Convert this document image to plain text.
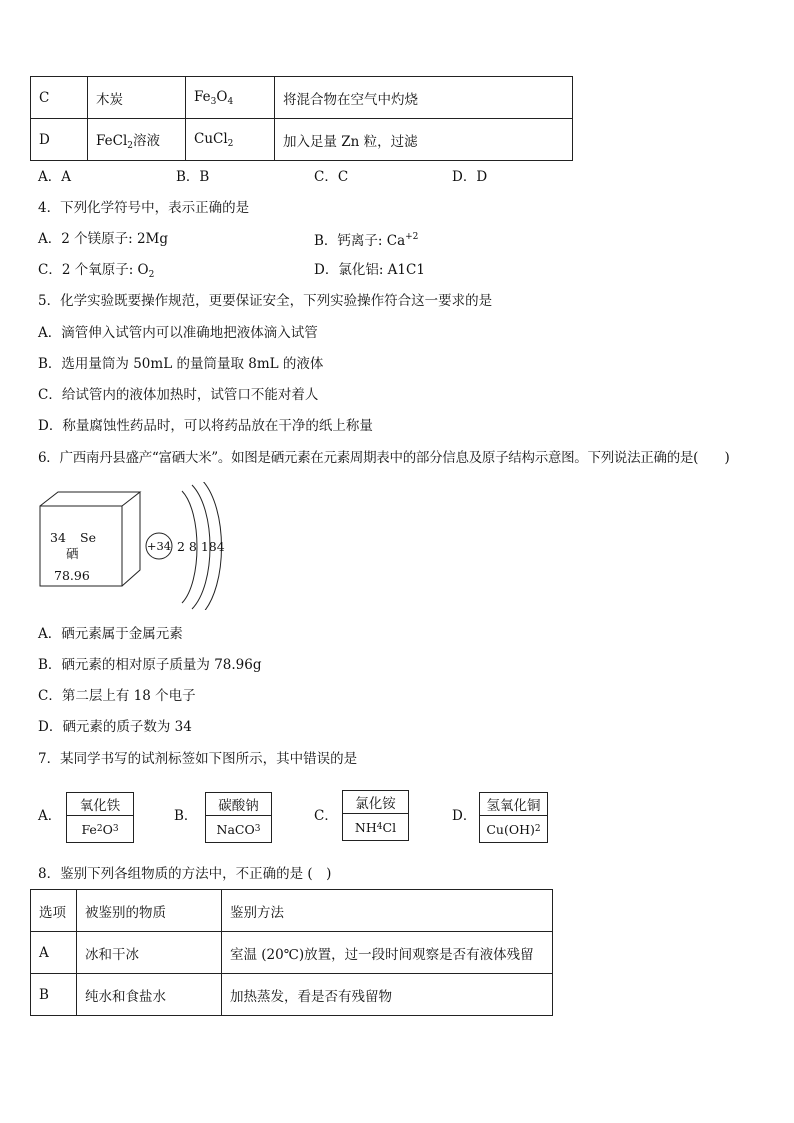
C	木炭	$Fe_3O_4$	将混合物在空气中灼烧
D	FeCl$_2$溶液	CuCl$_2$	加入足量 Zn 粒，过滤
A．A	B．B	C．C	D．D
4．下列化学符号中，表示正确的是
A．2 个镁原子: 2Mg	B．钙离子: $Ca^{+2}$
C．2 个氧原子: $O_2$	D．氯化铝: A1C1
5．化学实验既要操作规范，更要保证安全，下列实验操作符合这一要求的是
A．滴管伸入试管内可以准确地把液体滴入试管
B．选用量筒为 50mL 的量筒量取 8mL 的液体
C．给试管内的液体加热时，试管口不能对着人
D．称量腐蚀性药品时，可以将药品放在干净的纸上称量
6．广西南丹县盛产“富硒大米”。如图是硒元素在元素周期表中的部分信息及原子结构示意图。下列说法正确的是(　　)
34 Se
硒
78.96
+34 2 8 184
A．硒元素属于金属元素
B．硒元素的相对原子质量为 78.96g
C．第二层上有 18 个电子
D．硒元素的质子数为 34
7．某同学书写的试剂标签如下图所示，其中错误的是
A．
氧化铁
Fe 2 O 3
B．
碳酸钠
NaCO 3
C．
氯化铵
NH 4 Cl
D．
氢氧化铜
Cu(OH) 2
8．鉴别下列各组物质的方法中，不正确的是 (　)
选项	被鉴别的物质	鉴别方法
A	冰和干冰	室温 (20℃)放置，过一段时间观察是否有液体残留
B	纯水和食盐水	加热蒸发，看是否有残留物
